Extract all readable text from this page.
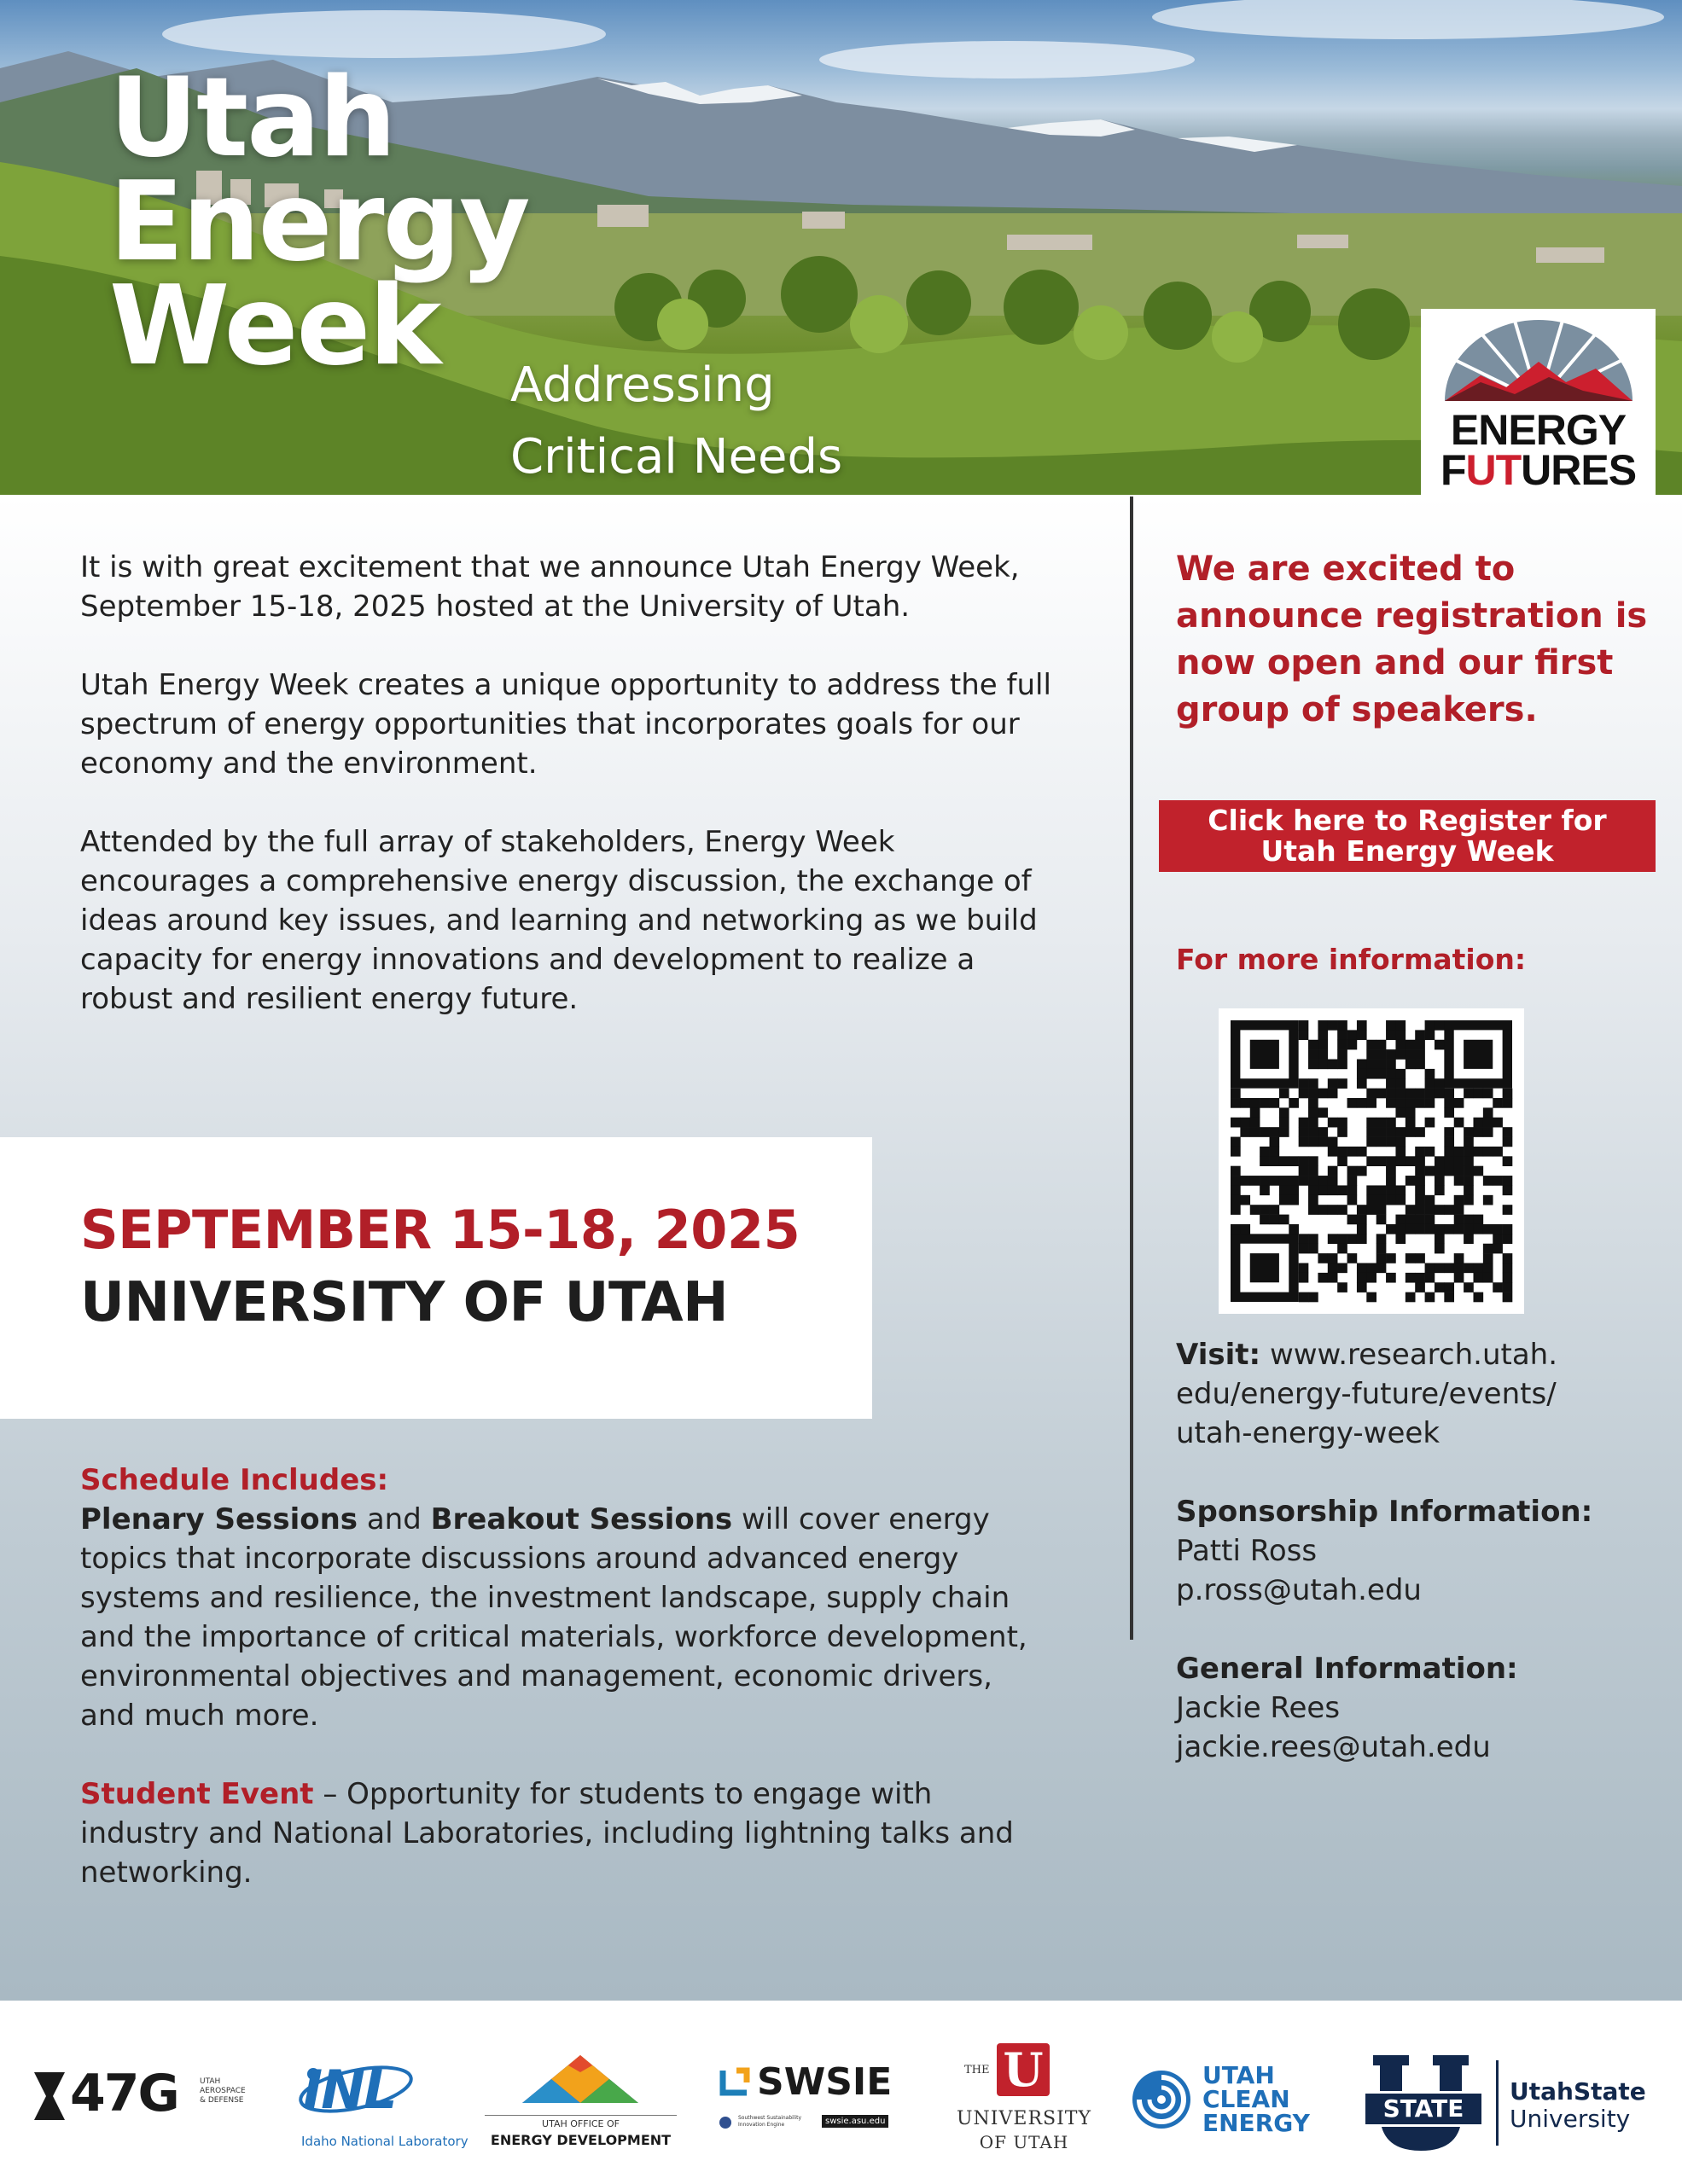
Utah
Energy
Week	Addressing
Critical Needs	ENERGY
FUTURES

It is with great excitement that we announce Utah Energy Week, September 15-18, 2025 hosted at the University of Utah.

Utah Energy Week creates a unique opportunity to address the full spectrum of energy opportunities that incorporates goals for our economy and the environment.

Attended by the full array of stakeholders, Energy Week encourages a comprehensive energy discussion, the exchange of ideas around key issues, and learning and networking as we build capacity for energy innovations and development to realize a robust and resilient energy future.

SEPTEMBER 15-18, 2025
UNIVERSITY OF UTAH
Schedule Includes:

Plenary Sessions and Breakout Sessions will cover energy topics that incorporate discussions around advanced energy systems and resilience, the investment landscape, supply chain and the importance of critical materials, workforce development, environmental objectives and management, economic drivers, and much more.

Student Event – Opportunity for students to engage with industry and National Laboratories, including lightning talks and networking.

We are excited to announce registration is now open and our first group of speakers.
Click here to Register for
Utah Energy Week
For more information:
Visit: www.research.utah.
edu/energy-future/events/
utah-energy-week
Sponsorship Information:
Patti Ross
p.ross@utah.edu
General Information:
Jackie Rees
jackie.rees@utah.edu
47G	UTAH
AEROSPACE
& DEFENSE INL
Idaho National Laboratory
UTAH OFFICE OF
ENERGY DEVELOPMENT
SWSIE
Southwest Sustainability Innovation Engine	swsie.asu.edu
THE U
UNIVERSITY
OF UTAH
UTAH
CLEAN
ENERGY
STATE
UtahState
University
